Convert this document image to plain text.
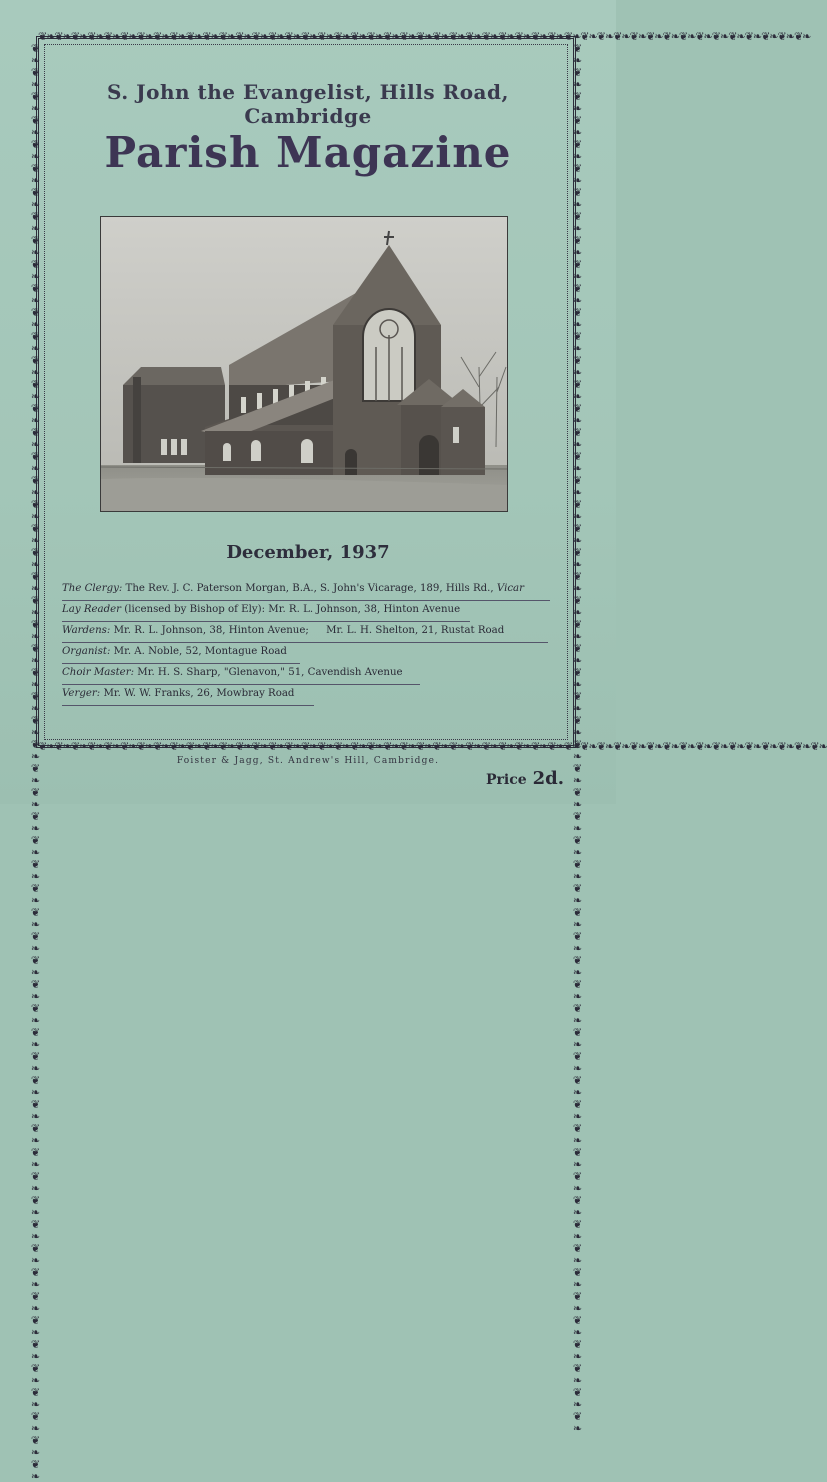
❦❧❦❧❦❧❦❧❦❧❦❧❦❧❦❧❦❧❦❧❦❧❦❧❦❧❦❧❦❧❦❧❦❧❦❧❦❧❦❧❦❧❦❧❦❧❦❧❦❧❦❧❦❧❦❧❦❧❦❧❦❧❦❧❦❧❦❧❦❧❦❧❦❧❦❧❦❧❦❧❦❧❦❧❦❧❦❧❦❧❦❧❦❧
❦❧❦❧❦❧❦❧❦❧❦❧❦❧❦❧❦❧❦❧❦❧❦❧❦❧❦❧❦❧❦❧❦❧❦❧❦❧❦❧❦❧❦❧❦❧❦❧❦❧❦❧❦❧❦❧❦❧❦❧❦❧❦❧❦❧❦❧❦❧❦❧❦❧❦❧❦❧❦❧❦❧❦❧❦❧❦❧❦❧❦❧❦❧❦❧
❦❧❦❧❦❧❦❧❦❧❦❧❦❧❦❧❦❧❦❧❦❧❦❧❦❧❦❧❦❧❦❧❦❧❦❧❦❧❦❧❦❧❦❧❦❧❦❧❦❧❦❧❦❧❦❧❦❧❦❧❦❧❦❧❦❧❦❧❦❧❦❧❦❧❦❧❦❧❦❧❦❧❦❧❦❧❦❧❦❧❦❧❦❧❦❧❦❧❦❧❦❧❦❧❦❧❦❧❦❧❦❧❦❧❦❧❦❧❦❧	❦❧❦❧❦❧❦❧❦❧❦❧❦❧❦❧❦❧❦❧❦❧❦❧❦❧❦❧❦❧❦❧❦❧❦❧❦❧❦❧❦❧❦❧❦❧❦❧❦❧❦❧❦❧❦❧❦❧❦❧❦❧❦❧❦❧❦❧❦❧❦❧❦❧❦❧❦❧❦❧❦❧❦❧❦❧❦❧❦❧❦❧❦❧❦❧❦❧❦❧❦❧❦❧❦❧❦❧❦❧❦❧❦❧❦❧
S. John the Evangelist, Hills Road, Cambridge
Parish Magazine
December, 1937
The Clergy: The Rev. J. C. Paterson Morgan, B.A., S. John's Vicarage, 189, Hills Rd., Vicar
Lay Reader (licensed by Bishop of Ely): Mr. R. L. Johnson, 38, Hinton Avenue
Wardens: Mr. R. L. Johnson, 38, Hinton Avenue; Mr. L. H. Shelton, 21, Rustat Road
Organist: Mr. A. Noble, 52, Montague Road
Choir Master: Mr. H. S. Sharp, "Glenavon," 51, Cavendish Avenue
Verger: Mr. W. W. Franks, 26, Mowbray Road
Foister & Jagg, St. Andrew's Hill, Cambridge.
Price 2d.
